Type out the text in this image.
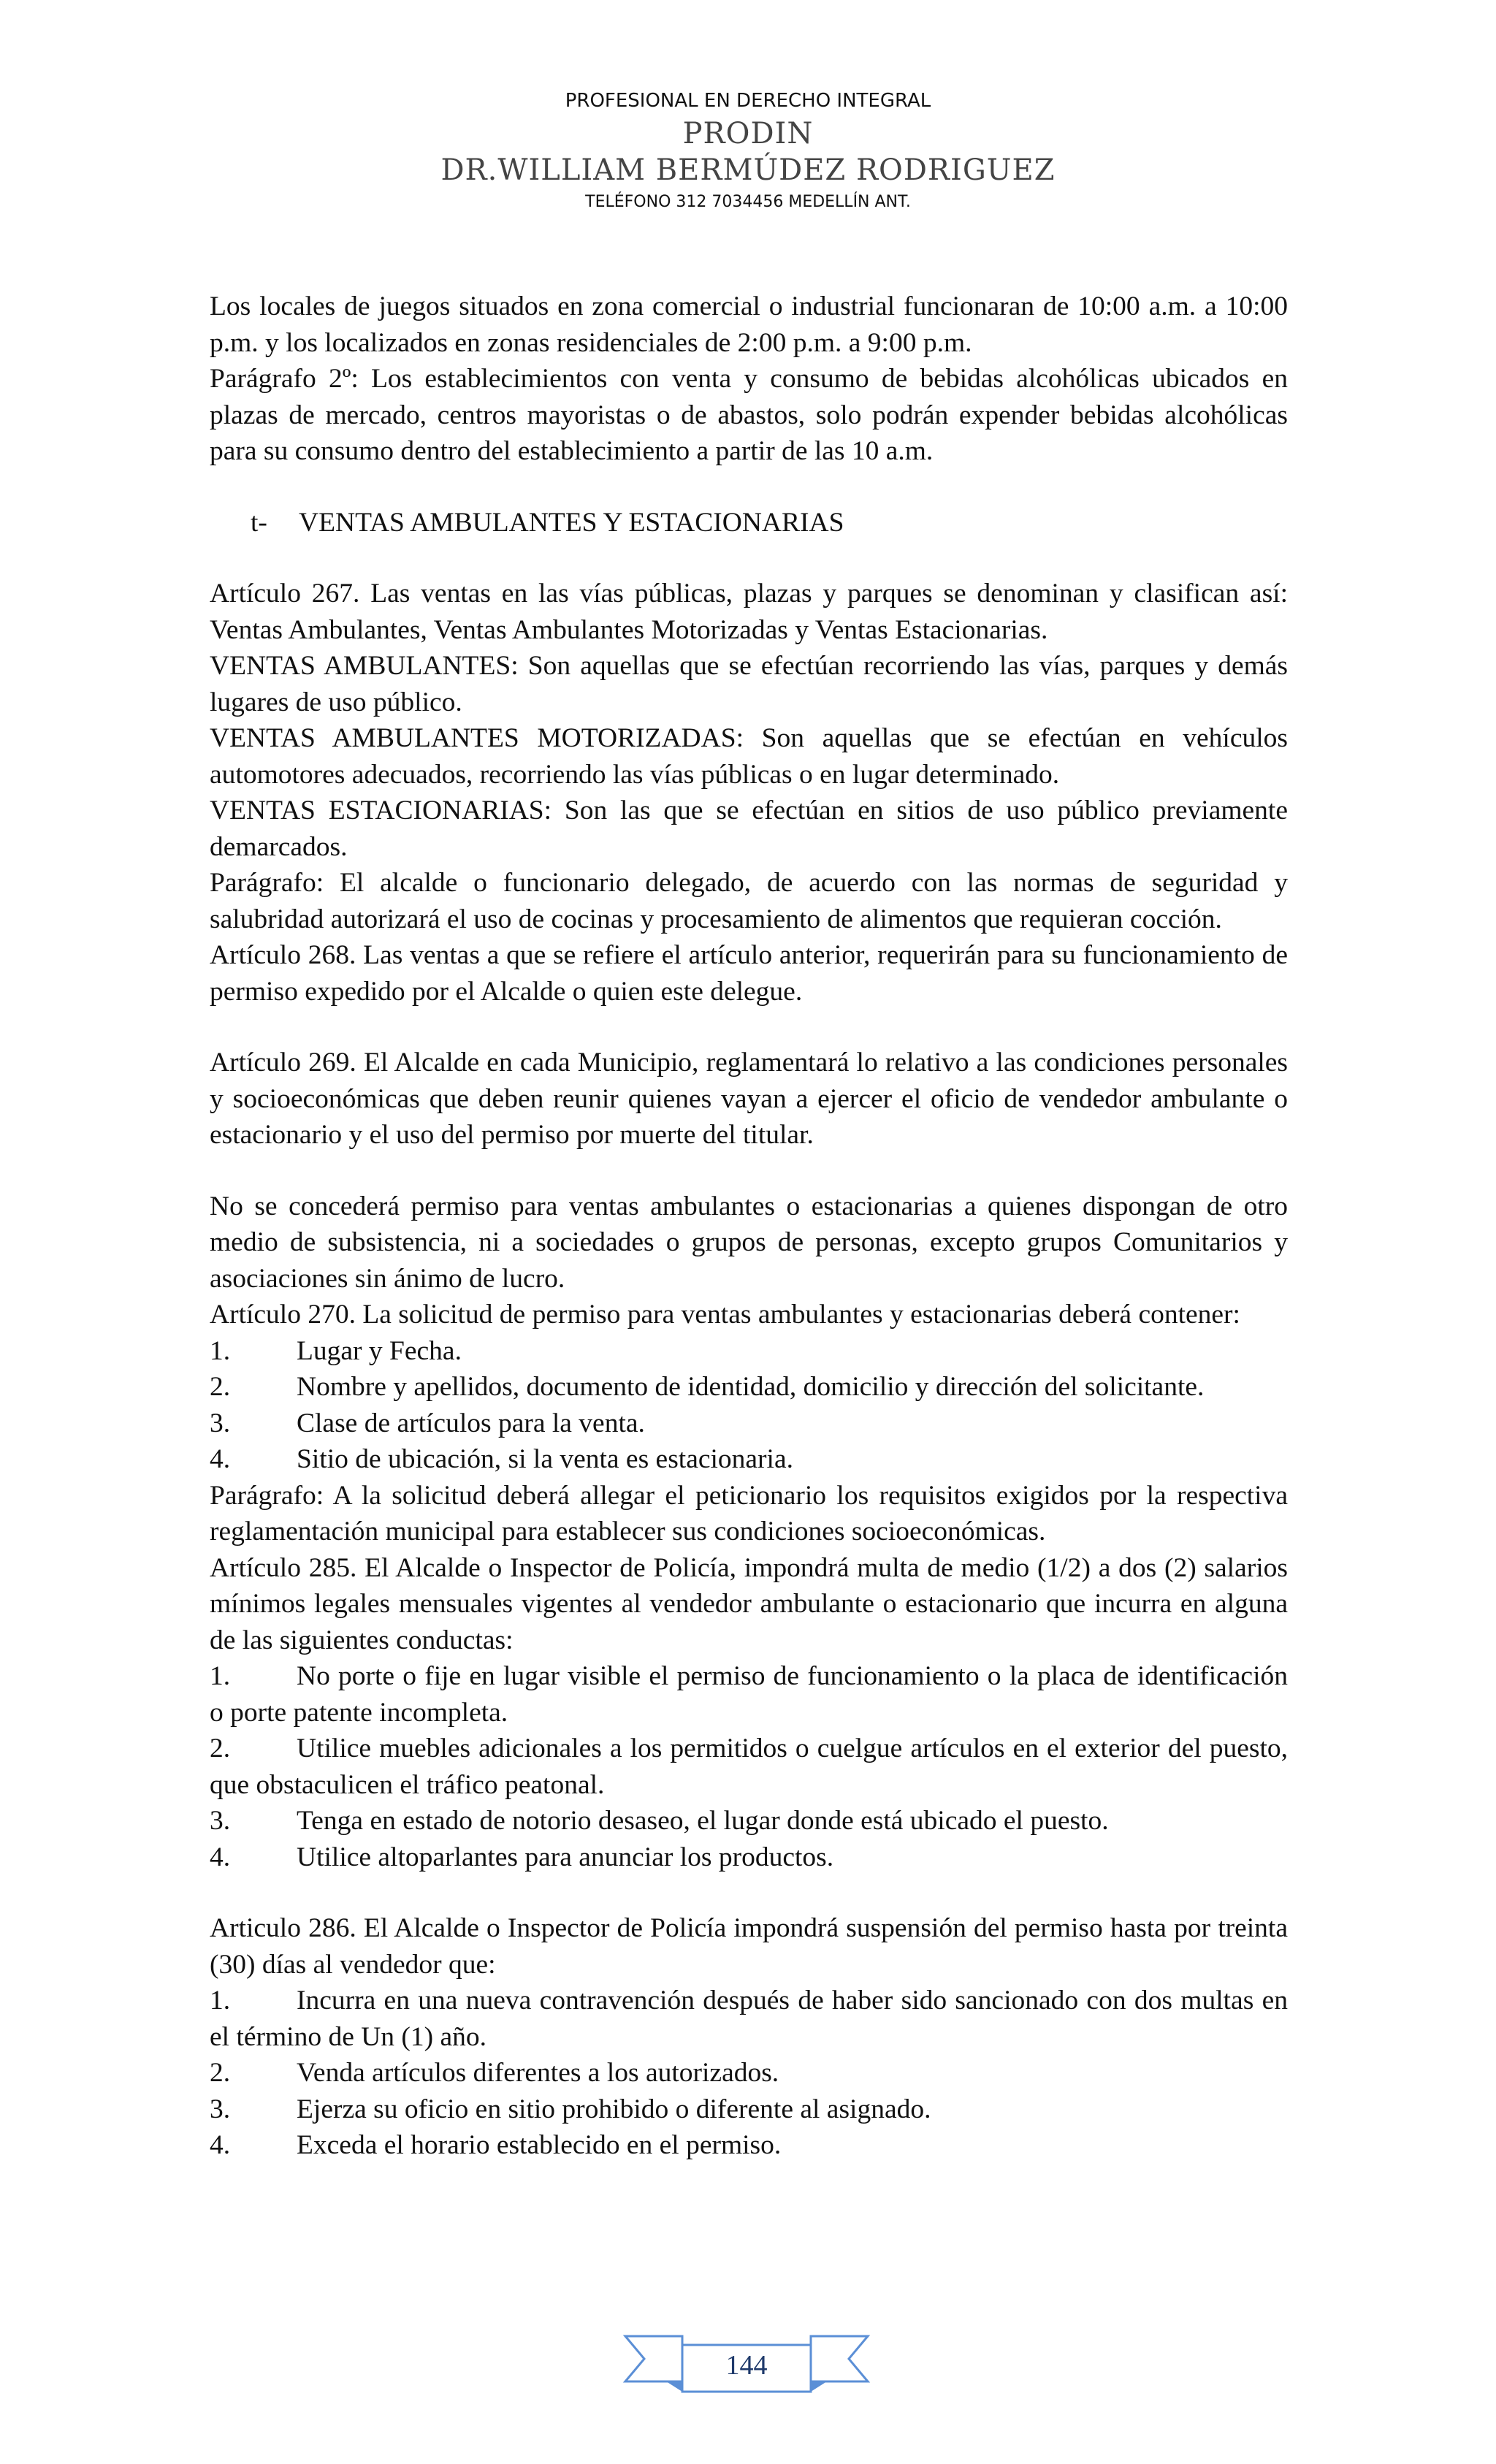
PROFESIONAL EN DERECHO INTEGRAL
PRODIN
DR.WILLIAM BERMÚDEZ RODRIGUEZ
TELÉFONO 312 7034456 MEDELLÍN ANT.

Los locales de juegos situados en zona comercial o industrial funcionaran de 10:00 a.m. a 10:00 p.m. y los localizados en zonas residenciales de 2:00 p.m. a 9:00 p.m.

Parágrafo 2º: Los establecimientos con venta y consumo de bebidas alcohólicas ubicados en plazas de mercado, centros mayoristas o de abastos, solo podrán expender bebidas alcohólicas para su consumo dentro del establecimiento a partir de las 10 a.m.

t- VENTAS AMBULANTES Y ESTACIONARIAS

Artículo 267. Las ventas en las vías públicas, plazas y parques se denominan y clasifican así: Ventas Ambulantes, Ventas Ambulantes Motorizadas y Ventas Estacionarias.

VENTAS AMBULANTES: Son aquellas que se efectúan recorriendo las vías, parques y demás lugares de uso público.

VENTAS AMBULANTES MOTORIZADAS: Son aquellas que se efectúan en vehículos automotores adecuados, recorriendo las vías públicas o en lugar determinado.

VENTAS ESTACIONARIAS: Son las que se efectúan en sitios de uso público previamente demarcados.

Parágrafo: El alcalde o funcionario delegado, de acuerdo con las normas de seguridad y salubridad autorizará el uso de cocinas y procesamiento de alimentos que requieran cocción.

Artículo 268. Las ventas a que se refiere el artículo anterior, requerirán para su funcionamiento de permiso expedido por el Alcalde o quien este delegue.

Artículo 269. El Alcalde en cada Municipio, reglamentará lo relativo a las condiciones personales y socioeconómicas que deben reunir quienes vayan a ejercer el oficio de vendedor ambulante o estacionario y el uso del permiso por muerte del titular.

No se concederá permiso para ventas ambulantes o estacionarias a quienes dispongan de otro medio de subsistencia, ni a sociedades o grupos de personas, excepto grupos Comunitarios y asociaciones sin ánimo de lucro.

Artículo 270. La solicitud de permiso para ventas ambulantes y estacionarias deberá contener:

1. Lugar y Fecha.

2. Nombre y apellidos, documento de identidad, domicilio y dirección del solicitante.

3. Clase de artículos para la venta.

4. Sitio de ubicación, si la venta es estacionaria.

Parágrafo: A la solicitud deberá allegar el peticionario los requisitos exigidos por la respectiva reglamentación municipal para establecer sus condiciones socioeconómicas.

Artículo 285. El Alcalde o Inspector de Policía, impondrá multa de medio (1/2) a dos (2) salarios mínimos legales mensuales vigentes al vendedor ambulante o estacionario que incurra en alguna de las siguientes conductas:

1. No porte o fije en lugar visible el permiso de funcionamiento o la placa de identificación o porte patente incompleta.

2. Utilice muebles adicionales a los permitidos o cuelgue artículos en el exterior del puesto, que obstaculicen el tráfico peatonal.

3. Tenga en estado de notorio desaseo, el lugar donde está ubicado el puesto.

4. Utilice altoparlantes para anunciar los productos.

Articulo 286. El Alcalde o Inspector de Policía impondrá suspensión del permiso hasta por treinta (30) días al vendedor que:

1. Incurra en una nueva contravención después de haber sido sancionado con dos multas en el término de Un (1) año.

2. Venda artículos diferentes a los autorizados.

3. Ejerza su oficio en sitio prohibido o diferente al asignado.

4. Exceda el horario establecido en el permiso.

144
